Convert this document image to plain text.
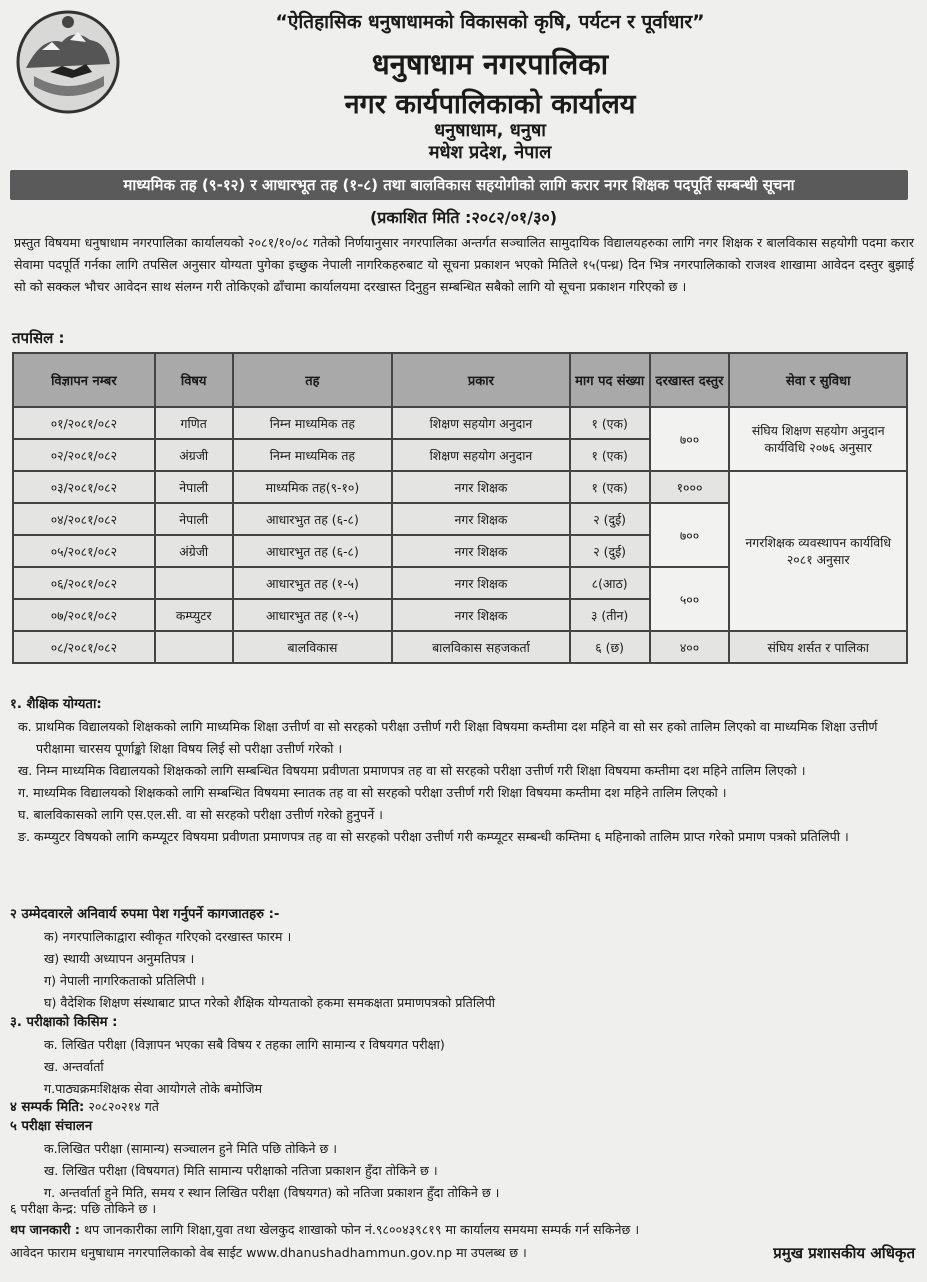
“ऐतिहासिक धनुषाधामको विकासको कृषि, पर्यटन र पूर्वाधार”
धनुषाधाम नगरपालिका
नगर कार्यपालिकाको कार्यालय
धनुषाधाम, धनुषा
मधेश प्रदेश, नेपाल
माध्यमिक तह (९-१२) र आधारभूत तह (१-८) तथा बालविकास सहयोगीको लागि करार नगर शिक्षक पदपूर्ति सम्बन्धी सूचना
(प्रकाशित मिति :२०८२/०१/३०)
प्रस्तुत विषयमा धनुषाधाम नगरपालिका कार्यालयको २०८१/१०/०८ गतेको निर्णयानुसार नगरपालिका अन्तर्गत सञ्चालित सामुदायिक विद्यालयहरुका लागि नगर शिक्षक र बालविकास सहयोगी पदमा करार सेवामा पदपूर्ति गर्नका लागि तपसिल अनुसार योग्यता पुगेका इच्छुक नेपाली नागरिकहरुबाट यो सूचना प्रकाशन भएको मितिले १५(पन्ध्र) दिन भित्र नगरपालिकाको राजश्व शाखामा आवेदन दस्तुर बुझाई सो को सक्कल भौचर आवेदन साथ संलग्न गरी तोकिएको ढाँचामा कार्यालयमा दरखास्त दिनुहुन सम्बन्धित सबैको लागि यो सूचना प्रकाशन गरिएको छ ।
तपसिल :
विज्ञापन नम्बर	विषय	तह	प्रकार	माग पद संख्या	दरखास्त दस्तुर	सेवा र सुविधा
०१/२०८१/०८२	गणित	निम्न माध्यमिक तह	शिक्षण सहयोग अनुदान	१ (एक)	७००	संघिय शिक्षण सहयोग अनुदान कार्यविधि २०७६ अनुसार
०२/२०८१/०८२	अंग्रजी	निम्न माध्यमिक तह	शिक्षण सहयोग अनुदान	१ (एक)		
०३/२०८१/०८२	नेपाली	माध्यमिक तह(९-१०)	नगर शिक्षक	१ (एक)	१०००	नगरशिक्षक व्यवस्थापन कार्यविधि २०८१ अनुसार
०४/२०८१/०८२	नेपाली	आधारभुत तह (६-८)	नगर शिक्षक	२ (दुई)	७००	
०५/२०८१/०८२	अंग्रेजी	आधारभुत तह (६-८)	नगर शिक्षक	२ (दुई)		
०६/२०८१/०८२		आधारभुत तह (१-५)	नगर शिक्षक	८(आठ)	५००	
०७/२०८१/०८२	कम्प्युटर	आधारभुत तह (१-५)	नगर शिक्षक	३ (तीन)		
०८/२०८१/०८२		बालविकास	बालविकास सहजकर्ता	६ (छ)	४००	संघिय शर्सत र पालिका
१. शैक्षिक योग्यता:
क. प्राथमिक विद्यालयको शिक्षकको लागि माध्यमिक शिक्षा उत्तीर्ण वा सो सरहको परीक्षा उत्तीर्ण गरी शिक्षा विषयमा कम्तीमा दश महिने वा सो सर हको तालिम लिएको वा माध्यमिक शिक्षा उत्तीर्ण परीक्षामा चारसय पूर्णाङ्को शिक्षा विषय लिई सो परीक्षा उत्तीर्ण गरेको ।
ख. निम्न माध्यमिक विद्यालयको शिक्षकको लागि सम्बन्धित विषयमा प्रवीणता प्रमाणपत्र तह वा सो सरहको परीक्षा उत्तीर्ण गरी शिक्षा विषयमा कम्तीमा दश महिने तालिम लिएको ।
ग. माध्यमिक विद्यालयको शिक्षकको लागि सम्बन्धित विषयमा स्नातक तह वा सो सरहको परीक्षा उत्तीर्ण गरी शिक्षा विषयमा कम्तीमा दश महिने तालिम लिएको ।
घ. बालविकासको लागि एस.एल.सी. वा सो सरहको परीक्षा उत्तीर्ण गरेको हुनुपर्ने ।
ङ. कम्प्युटर विषयको लागि कम्प्यूटर विषयमा प्रवीणता प्रमाणपत्र तह वा सो सरहको परीक्षा उत्तीर्ण गरी कम्प्यूटर सम्बन्धी कम्तिमा ६ महिनाको तालिम प्राप्त गरेको प्रमाण पत्रको प्रतिलिपी ।
२ उम्मेदवारले अनिवार्य रुपमा पेश गर्नुपर्ने कागजातहरु :-
क) नगरपालिकाद्वारा स्वीकृत गरिएको दरखास्त फारम ।
ख) स्थायी अध्यापन अनुमतिपत्र ।
ग) नेपाली नागरिकताको प्रतिलिपी ।
घ) वैदेशिक शिक्षण संस्थाबाट प्राप्त गरेको शैक्षिक योग्यताको हकमा समकक्षता प्रमाणपत्रको प्रतिलिपी
३. परीक्षाको किसिम :
क. लिखित परीक्षा (विज्ञापन भएका सबै विषय र तहका लागि सामान्य र विषयगत परीक्षा)
ख. अन्तर्वार्ता
ग.पाठ्यक्रमःशिक्षक सेवा आयोगले तोके बमोजिम
४ सम्पर्क मिति: २०८२०२१४ गते
५ परीक्षा संचालन
क.लिखित परीक्षा (सामान्य) सञ्चालन हुने मिति पछि तोकिने छ ।
ख. लिखित परीक्षा (विषयगत) मिति सामान्य परीक्षाको नतिजा प्रकाशन हुँदा तोकिने छ ।
ग. अन्तर्वार्ता हुने मिति, समय र स्थान लिखित परीक्षा (विषयगत) को नतिजा प्रकाशन हुँदा तोकिने छ ।
६ परीक्षा केन्द्र: पछि तोकिने छ ।
थप जानकारी : थप जानकारीका लागि शिक्षा,युवा तथा खेलकुद शाखाको फोन नं.९८००४३९८१९ मा कार्यालय समयमा सम्पर्क गर्न सकिनेछ ।
आवेदन फाराम धनुषाधाम नगरपालिकाको वेब साईट www.dhanushadhammun.gov.np मा उपलब्ध छ ।	प्रमुख प्रशासकीय अधिकृत
